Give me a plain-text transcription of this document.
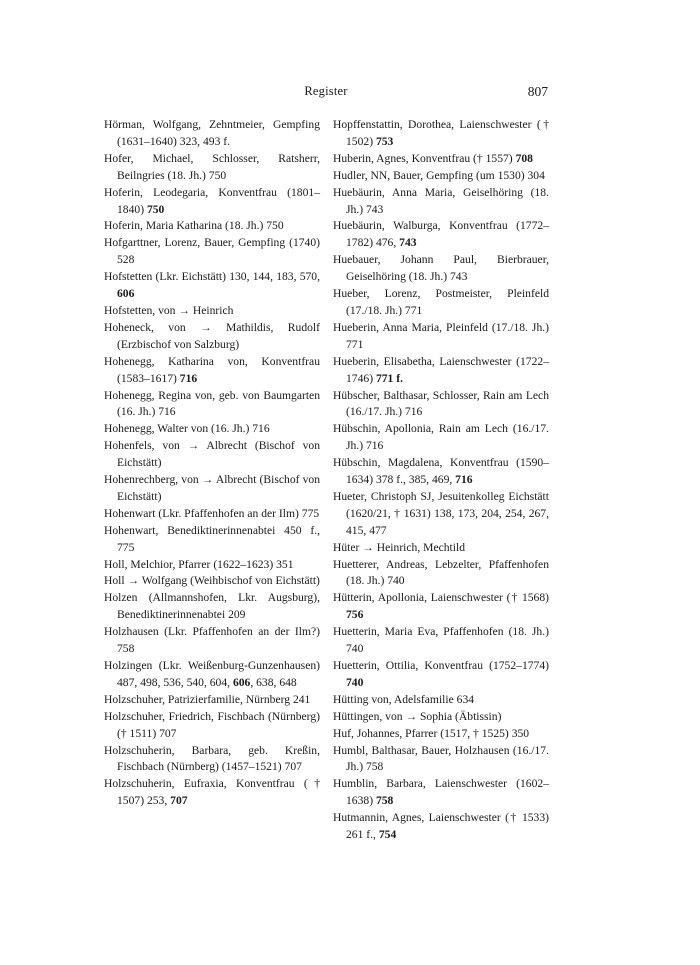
Register	807

Hörman, Wolfgang, Zehntmeier, Gempfing (1631–1640) 323, 493 f.

Hofer, Michael, Schlosser, Ratsherr, Beilngries (18. Jh.) 750

Hoferin, Leodegaria, Konventfrau (1801–1840) 750

Hoferin, Maria Katharina (18. Jh.) 750

Hofgarttner, Lorenz, Bauer, Gempfing (1740) 528

Hofstetten (Lkr. Eichstätt) 130, 144, 183, 570, 606

Hofstetten, von → Heinrich

Hoheneck, von → Mathildis, Rudolf (Erzbischof von Salzburg)

Hohenegg, Katharina von, Konventfrau (1583–1617) 716

Hohenegg, Regina von, geb. von Baumgarten (16. Jh.) 716

Hohenegg, Walter von (16. Jh.) 716

Hohenfels, von → Albrecht (Bischof von Eichstätt)

Hohenrechberg, von → Albrecht (Bischof von Eichstätt)

Hohenwart (Lkr. Pfaffenhofen an der Ilm) 775

Hohenwart, Benediktinerinnenabtei 450 f., 775

Holl, Melchior, Pfarrer (1622–1623) 351

Holl → Wolfgang (Weihbischof von Eichstätt)

Holzen (Allmannshofen, Lkr. Augsburg), Benediktinerinnenabtei 209

Holzhausen (Lkr. Pfaffenhofen an der Ilm?) 758

Holzingen (Lkr. Weißenburg-Gunzenhausen) 487, 498, 536, 540, 604, 606, 638, 648

Holzschuher, Patrizierfamilie, Nürnberg 241

Holzschuher, Friedrich, Fischbach (Nürnberg) († 1511) 707

Holzschuherin, Barbara, geb. Kreßin, Fischbach (Nürnberg) (1457–1521) 707

Holzschuherin, Eufraxia, Konventfrau († 1507) 253, 707

Hopffenstattin, Dorothea, Laienschwester († 1502) 753

Huberin, Agnes, Konventfrau († 1557) 708

Hudler, NN, Bauer, Gempfing (um 1530) 304

Huebäurin, Anna Maria, Geiselhöring (18. Jh.) 743

Huebäurin, Walburga, Konventfrau (1772–1782) 476, 743

Huebauer, Johann Paul, Bierbrauer, Geiselhöring (18. Jh.) 743

Hueber, Lorenz, Postmeister, Pleinfeld (17./18. Jh.) 771

Hueberin, Anna Maria, Pleinfeld (17./18. Jh.) 771

Hueberin, Elisabetha, Laienschwester (1722–1746) 771 f.

Hübscher, Balthasar, Schlosser, Rain am Lech (16./17. Jh.) 716

Hübschin, Apollonia, Rain am Lech (16./17. Jh.) 716

Hübschin, Magdalena, Konventfrau (1590–1634) 378 f., 385, 469, 716

Hueter, Christoph SJ, Jesuitenkolleg Eichstätt (1620/21, † 1631) 138, 173, 204, 254, 267, 415, 477

Hüter → Heinrich, Mechtild

Huetterer, Andreas, Lebzelter, Pfaffenhofen (18. Jh.) 740

Hütterin, Apollonia, Laienschwester († 1568) 756

Huetterin, Maria Eva, Pfaffenhofen (18. Jh.) 740

Huetterin, Ottilia, Konventfrau (1752–1774) 740

Hütting von, Adelsfamilie 634

Hüttingen, von → Sophia (Äbtissin)

Huf, Johannes, Pfarrer (1517, † 1525) 350

Humbl, Balthasar, Bauer, Holzhausen (16./17. Jh.) 758

Humblin, Barbara, Laienschwester (1602–1638) 758

Hutmannin, Agnes, Laienschwester († 1533) 261 f., 754
